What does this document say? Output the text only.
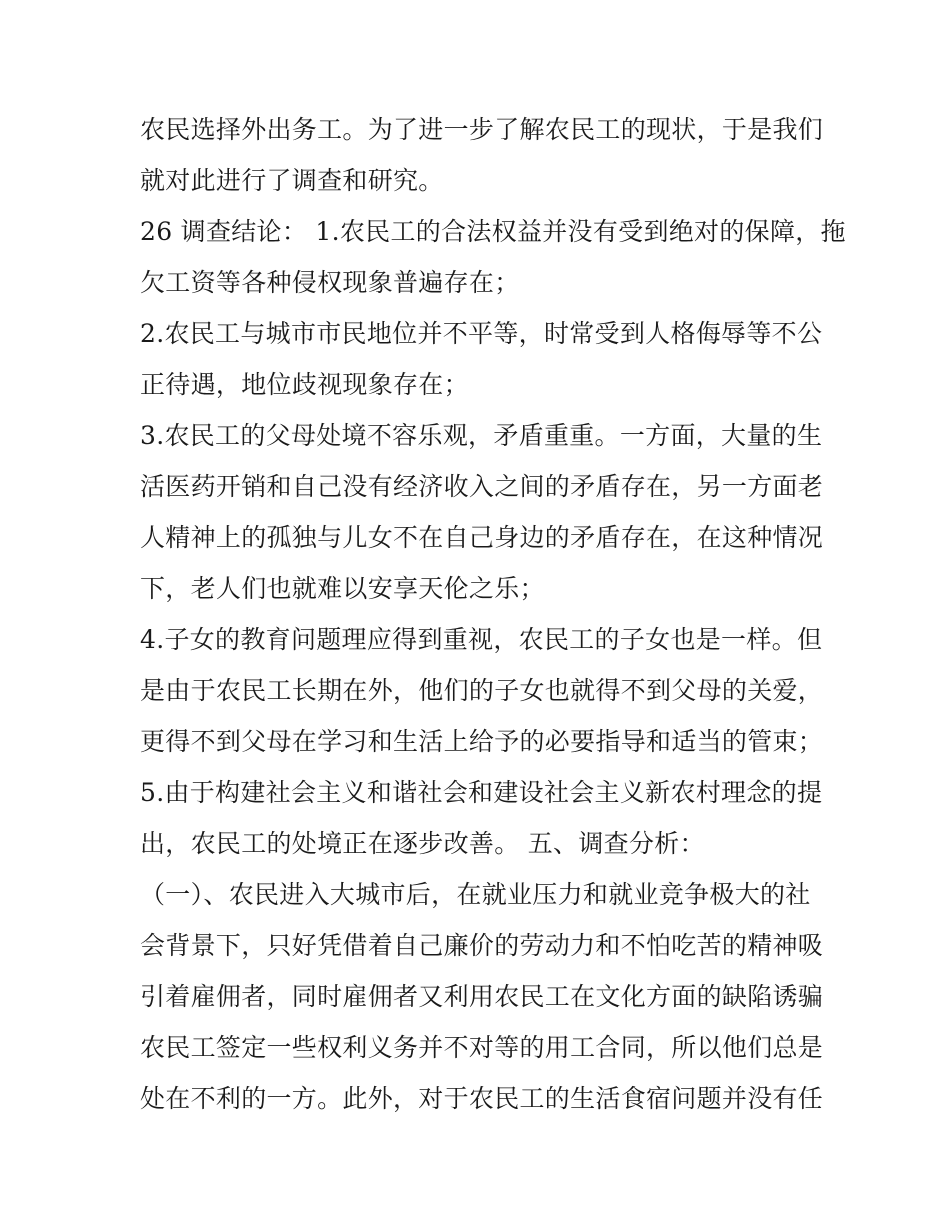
农民选择外出务工。为了进一步了解农民工的现状，于是我们
就对此进行了调查和研究。
26 调查结论： 1.农民工的合法权益并没有受到绝对的保障，拖
欠工资等各种侵权现象普遍存在；
2.农民工与城市市民地位并不平等，时常受到人格侮辱等不公
正待遇，地位歧视现象存在；
3.农民工的父母处境不容乐观，矛盾重重。一方面，大量的生
活医药开销和自己没有经济收入之间的矛盾存在，另一方面老
人精神上的孤独与儿女不在自己身边的矛盾存在，在这种情况
下，老人们也就难以安享天伦之乐；
4.子女的教育问题理应得到重视，农民工的子女也是一样。但
是由于农民工长期在外，他们的子女也就得不到父母的关爱，
更得不到父母在学习和生活上给予的必要指导和适当的管束；
5.由于构建社会主义和谐社会和建设社会主义新农村理念的提
出，农民工的处境正在逐步改善。 五、调查分析：
（一）、农民进入大城市后，在就业压力和就业竞争极大的社
会背景下，只好凭借着自己廉价的劳动力和不怕吃苦的精神吸
引着雇佣者，同时雇佣者又利用农民工在文化方面的缺陷诱骗
农民工签定一些权利义务并不对等的用工合同，所以他们总是
处在不利的一方。此外，对于农民工的生活食宿问题并没有任
